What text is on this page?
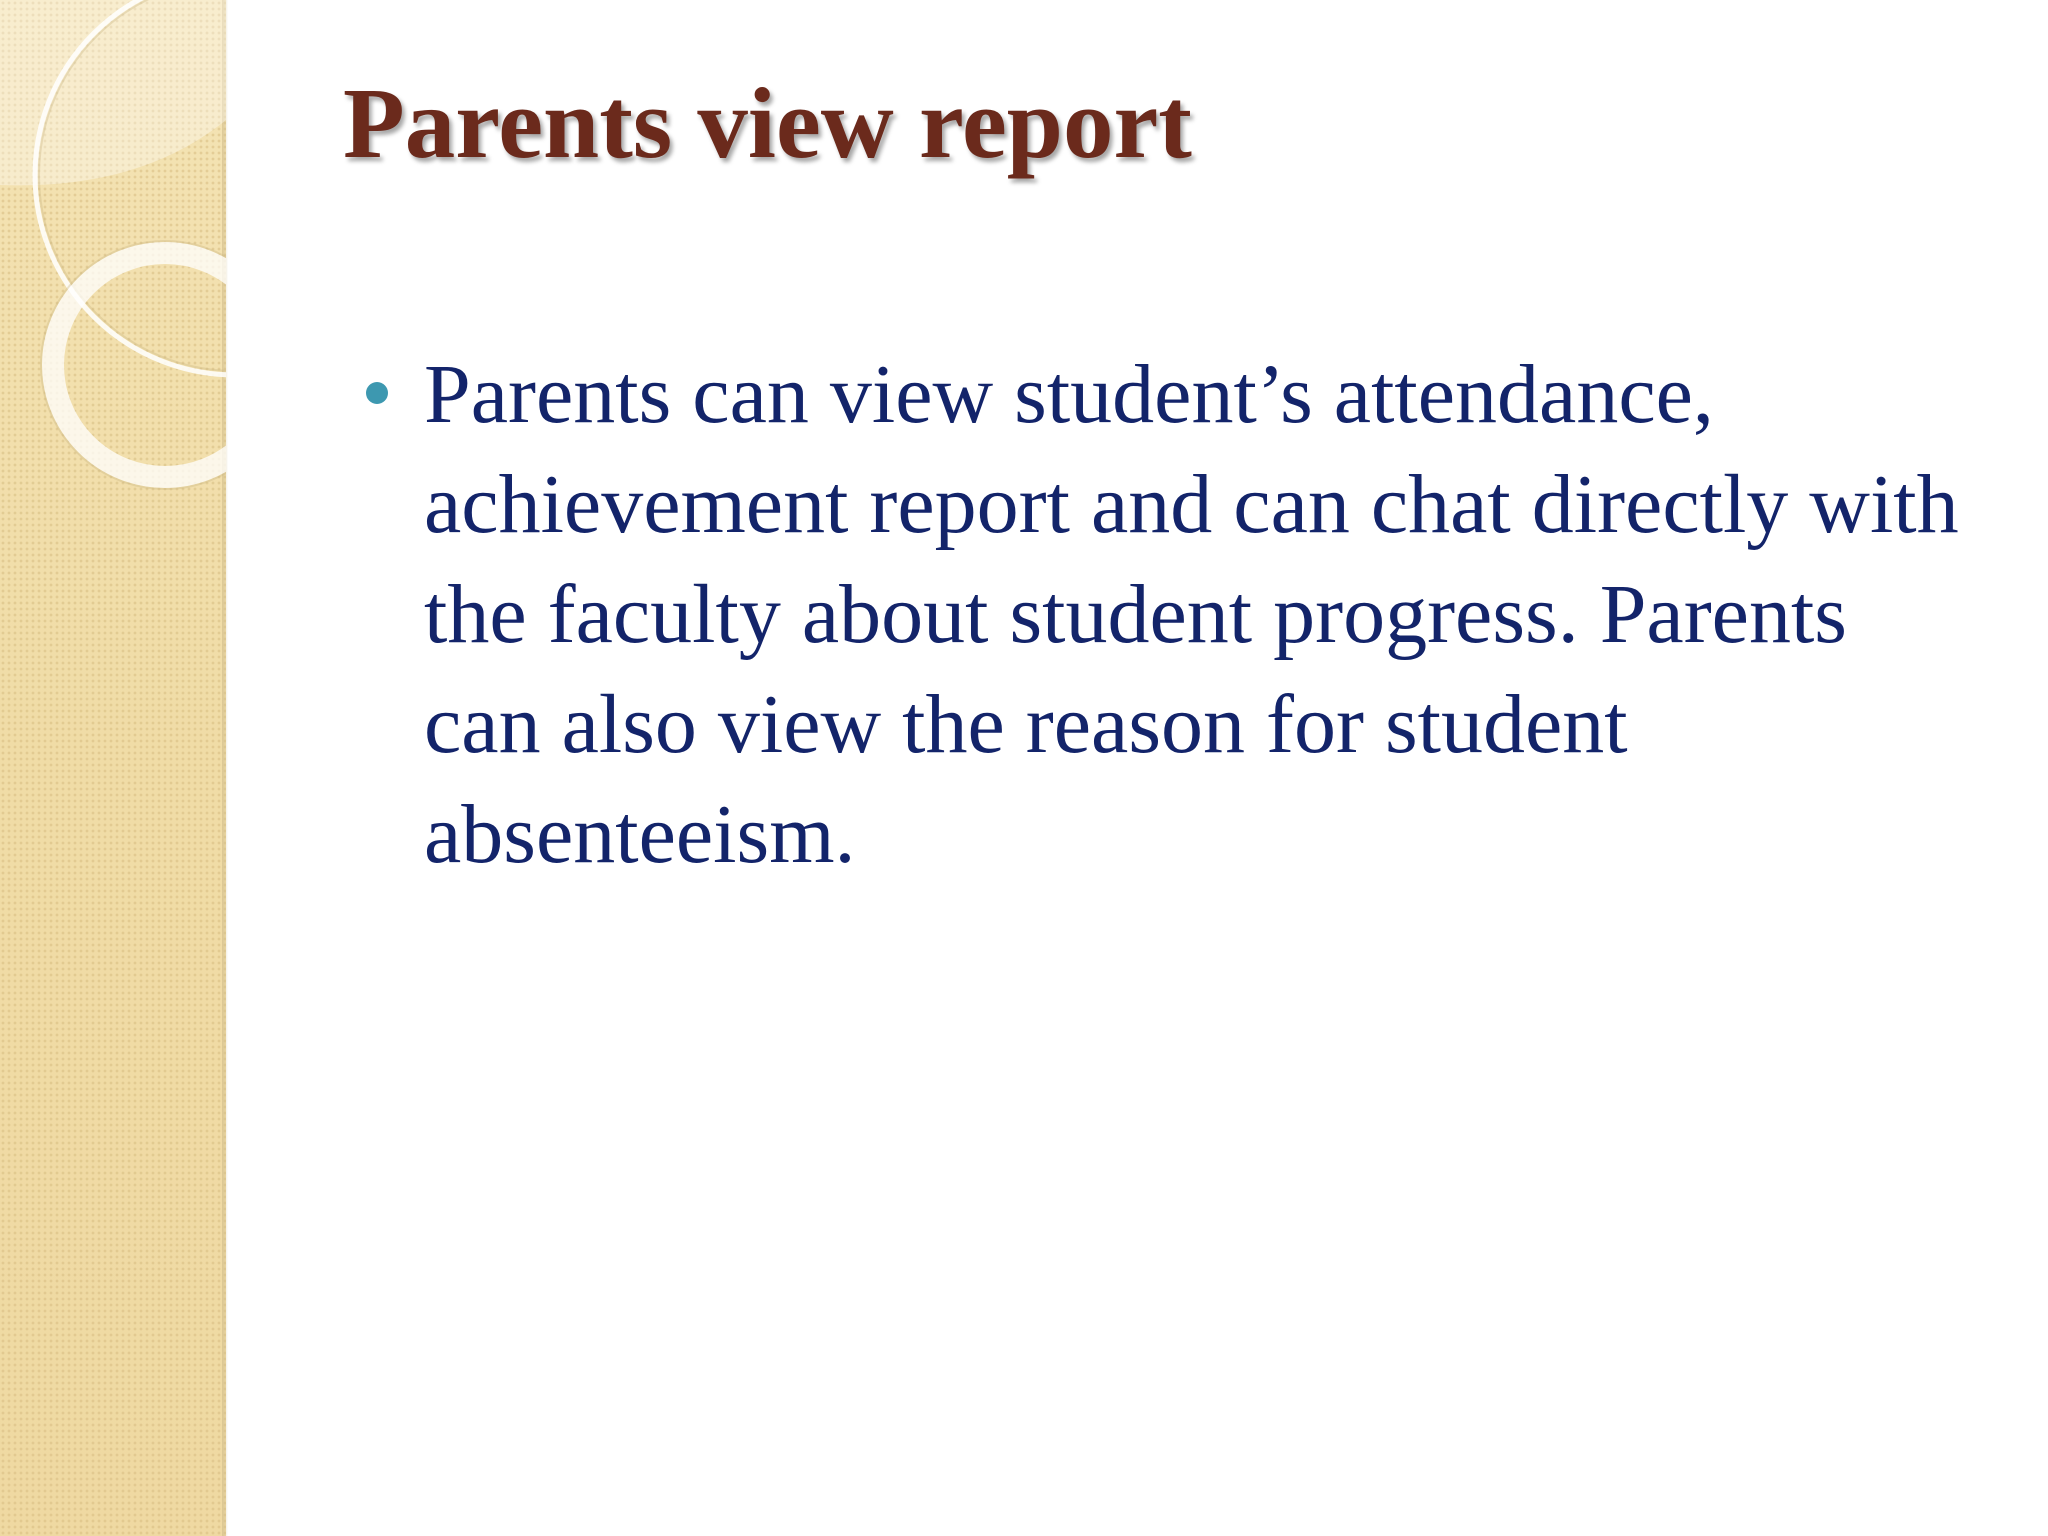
Parents view report
Parents can view student’s attendance, achievement report and can chat directly with the faculty about student progress. Parents can also view the reason for student absenteeism.
